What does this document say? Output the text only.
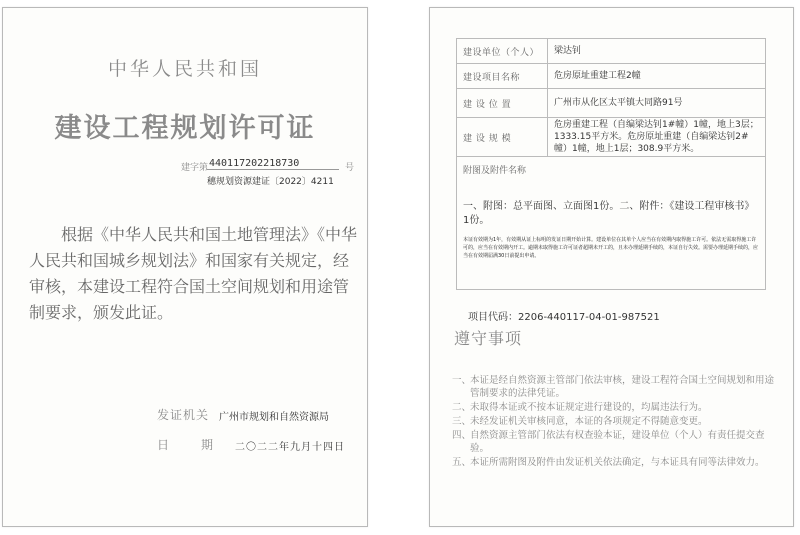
中华人民共和国
建设工程规划许可证
建字第 440117202218730	号
穗规划资源建证〔2022〕4211
根据《中华人民共和国土地管理法》《中华人民共和国城乡规划法》和国家有关规定，经审核，本建设工程符合国土空间规划和用途管制要求，颁发此证。
发证机关 广州市规划和自然资源局
日	期 二〇二二年九月十四日
建设单位（个人）	梁达钊
建设项目名称	危房原址重建工程2幢
建 设 位 置	广州市从化区太平镇大同路91号
建 设 规 模	危房重建工程（自编梁达钊1#幢）1幢，地上3层；1333.15平方米。危房原址重建（自编梁达钊2#幢）1幢，地上1层；308.9平方米。

附图及附件名称
一、附图：总平面图、立面图1份。二、附件：《建设工程审核书》1份。
本证有效期为1年，有效期从证上标明的发证日期开始计算。建设单位在其单个人应当在有效期内取得施工许可。依法无需取得施工许可的，应当在有效期内开工。逾期未取得施工许可证者超期未开工的，且未办理延期手续的，本证自行失效。需要办理延期手续的，应当在有效期届满30日前提出申请。	
项目代码：2206-440117-04-01-987521
遵守事项
一、
本证是经自然资源主管部门依法审核，建设工程符合国土空间规划和用途管制要求的法律凭证。
二、
未取得本证或不按本证规定进行建设的，均属违法行为。
三、
未经发证机关审核同意，本证的各项规定不得随意变更。
四、
自然资源主管部门依法有权查验本证，建设单位（个人）有责任提交查验。
五、
本证所需附图及附件由发证机关依法确定，与本证具有同等法律效力。
